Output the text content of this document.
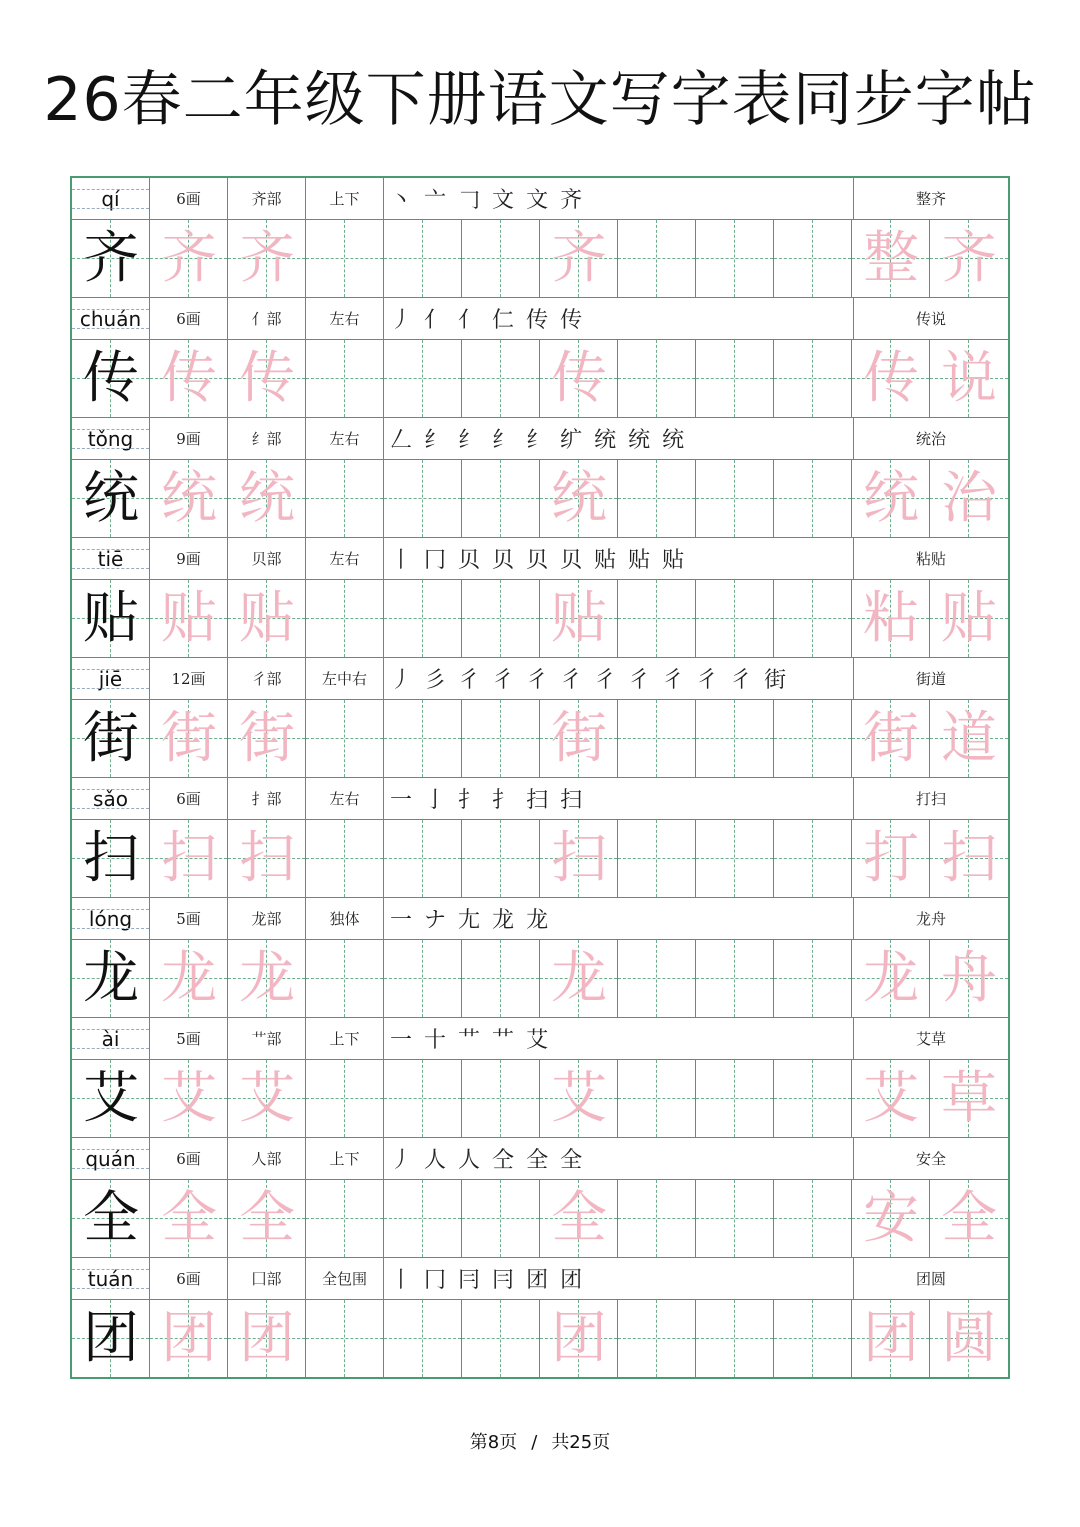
26春二年级下册语文写字表同步字帖
qí	6画	齐部	上下	丶 亠 𠃌 文 文 齐	整齐
齐 齐 齐	齐	整 齐
chuán	6画	亻部	左右	丿 亻 亻 仁 传 传	传说
传 传 传	传	传 说
tǒng	9画	纟部	左右	𠃋 纟 纟 纟 纟 纩 统 统 统	统治
统 统 统	统	统 治
tiē	9画	贝部	左右	丨 冂 贝 贝 贝 贝 贴 贴 贴	粘贴
贴 贴 贴	贴	粘 贴
jiē	12画	彳部	左中右	丿 彡 彳 彳 彳 彳 彳 彳 彳 彳 彳 街	街道
街 街 街	街	街 道
sǎo	6画	扌部	左右	一 亅 扌 扌 扫 扫	打扫
扫 扫 扫	扫	打 扫
lóng	5画	龙部	独体	一 ナ 尢 龙 龙	龙舟
龙 龙 龙	龙	龙 舟
ài	5画	艹部	上下	一 十 艹 艹 艾	艾草
艾 艾 艾	艾	艾 草
quán	6画	人部	上下	丿 人 人 仝 全 全	安全
全 全 全	全	安 全
tuán	6画	囗部	全包围	丨 冂 冃 冃 团 团	团圆
团 团 团	团	团 圆
第8页 / 共25页
